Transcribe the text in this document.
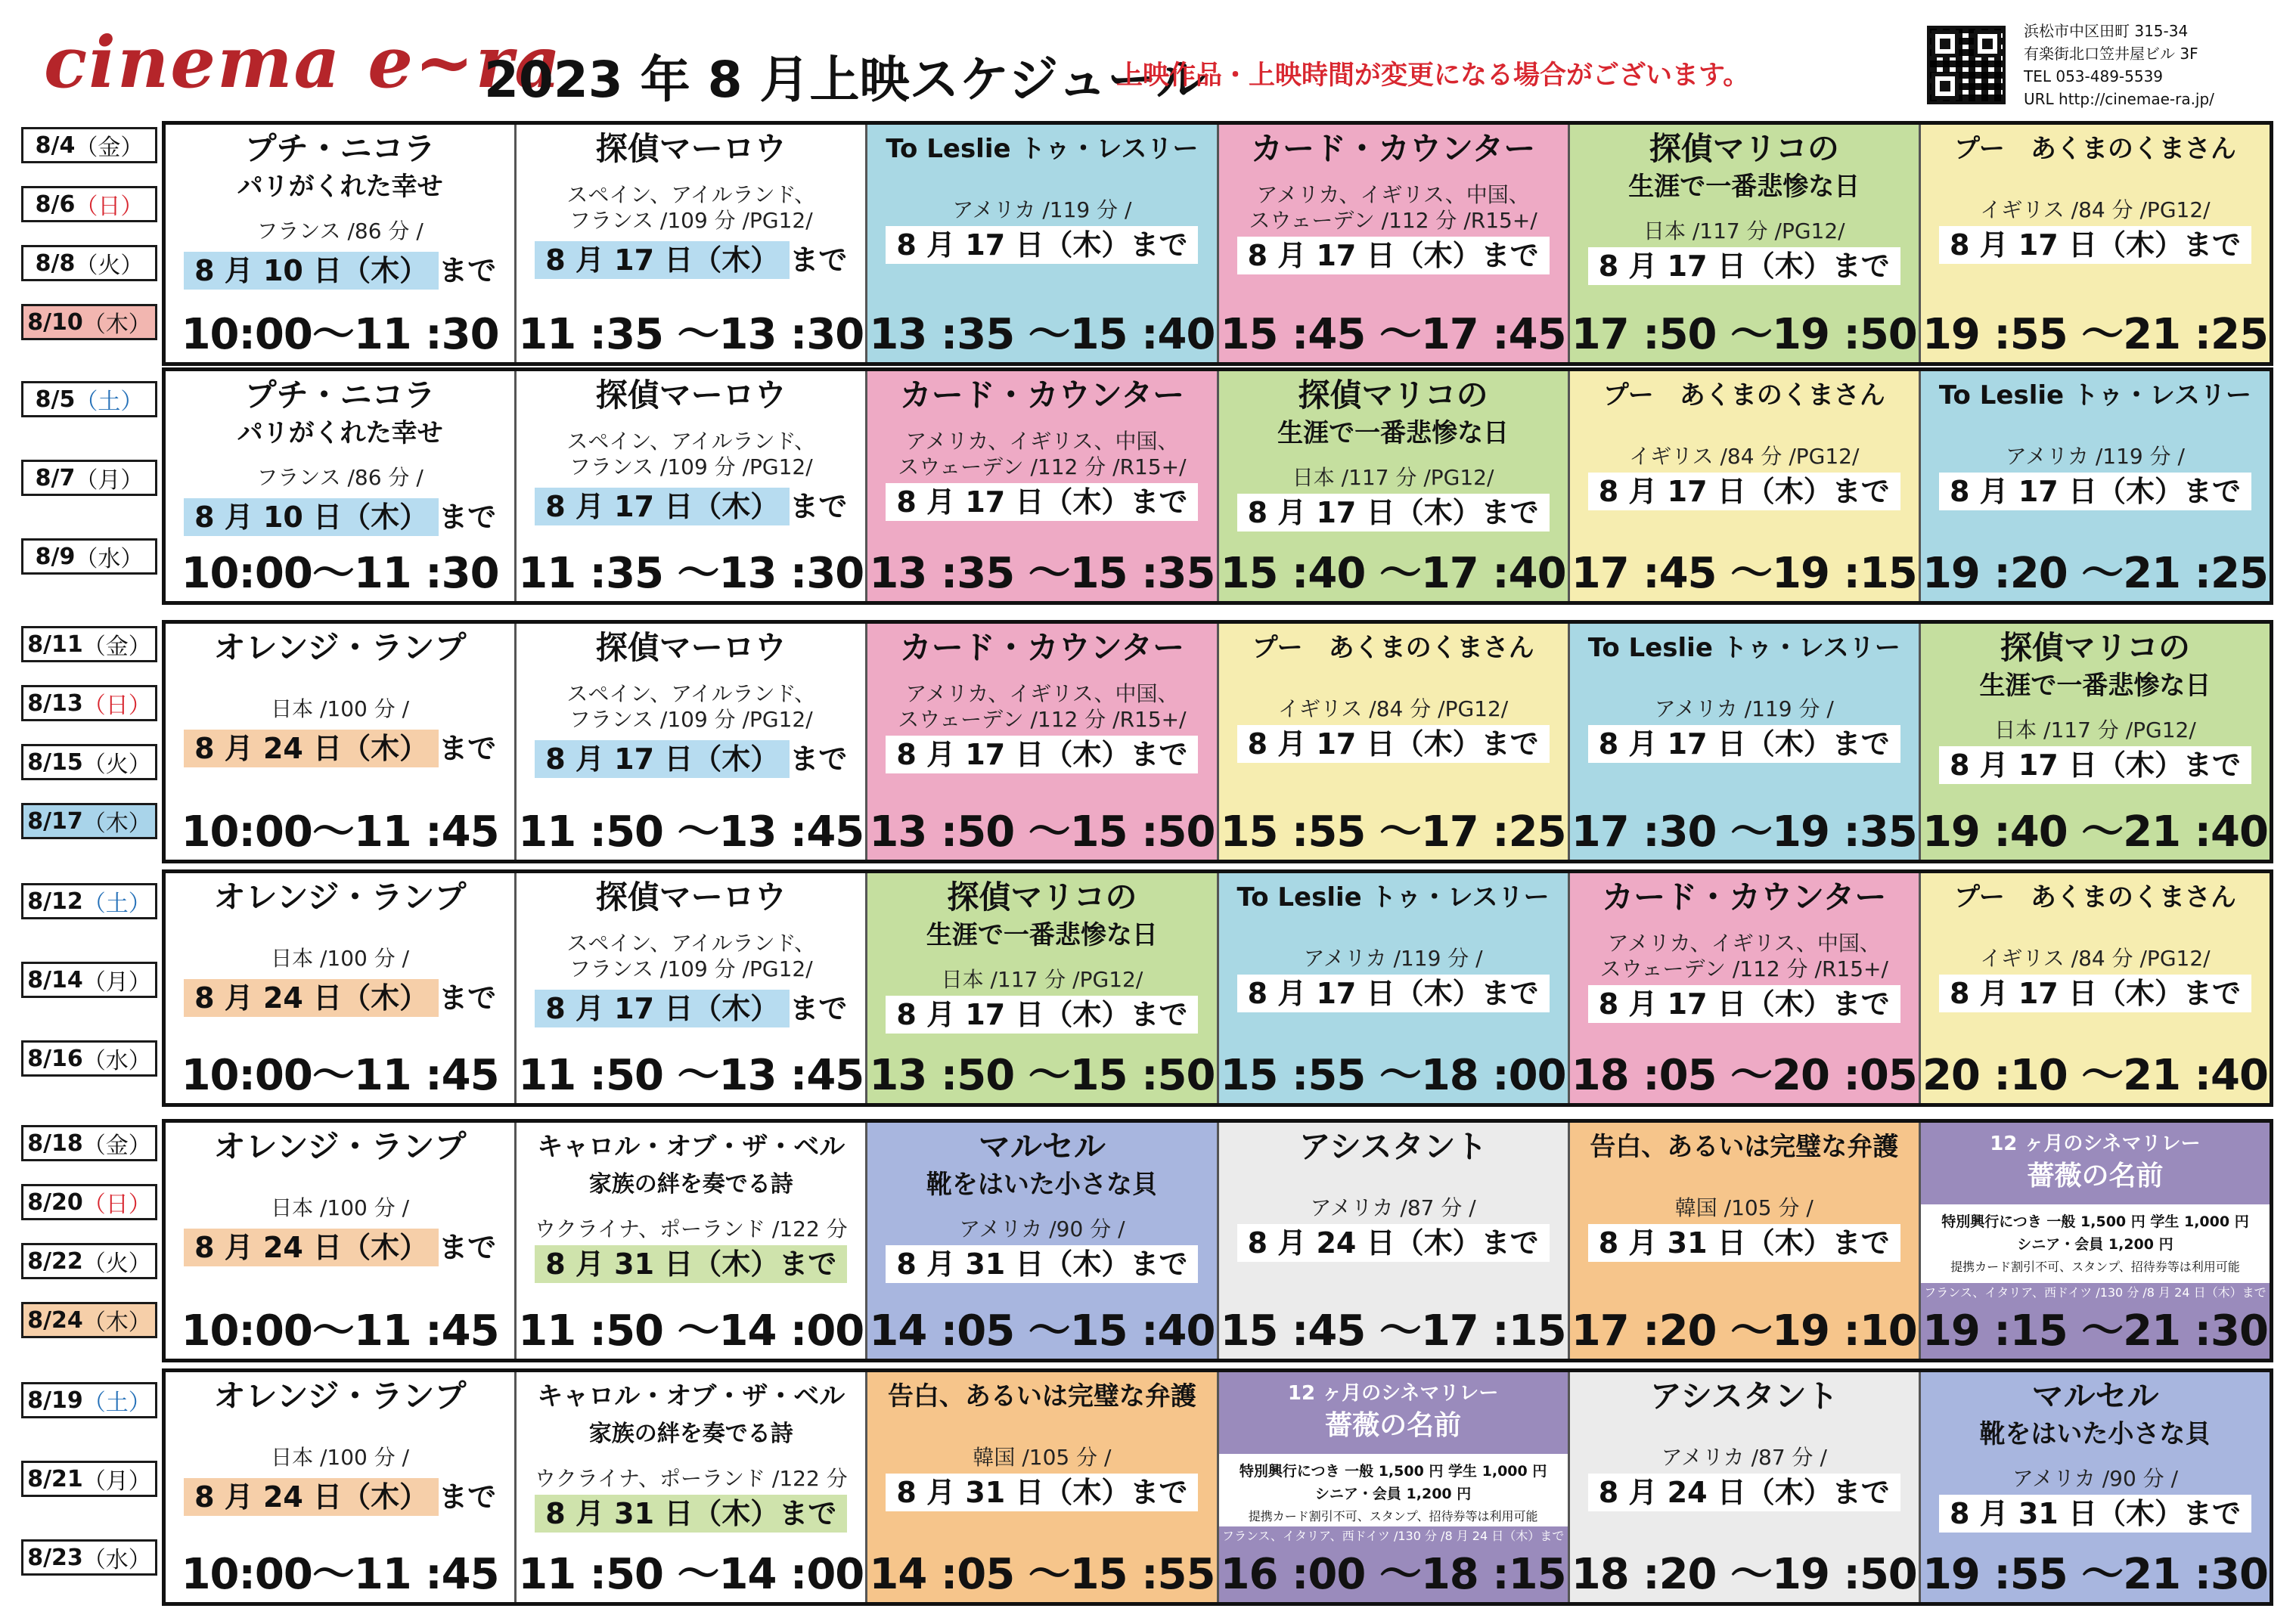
cinema e~ra
2023 年 8 月上映スケジュール
上映作品・上映時間が変更になる場合がございます。
浜松市中区田町 315-34
有楽街北口笠井屋ビル 3F
TEL 053-489-5539
URL http://cinemae-ra.jp/
8/4 （金）
8/6 （日）
8/8 （火）
8/10 （木）
プチ・ニコラ
パリがくれた幸せ
フランス /86 分 /
8 月 10 日（木） まで
10:00〜11 :30
探偵マーロウ
スペイン、アイルランド、
フランス /109 分 /PG12/
8 月 17 日（木） まで
11 :35 〜13 :30
To Leslie トゥ・レスリー
アメリカ /119 分 /
8 月 17 日（木）まで
13 :35 〜15 :40
カード・カウンター
アメリカ、イギリス、中国、
スウェーデン /112 分 /R15+/
8 月 17 日（木）まで
15 :45 〜17 :45
探偵マリコの
生涯で一番悲惨な日
日本 /117 分 /PG12/
8 月 17 日（木）まで
17 :50 〜19 :50
プー　あくまのくまさん
イギリス /84 分 /PG12/
8 月 17 日（木）まで
19 :55 〜21 :25
8/5 （土）
8/7 （月）
8/9 （水）
プチ・ニコラ
パリがくれた幸せ
フランス /86 分 /
8 月 10 日（木） まで
10:00〜11 :30
探偵マーロウ
スペイン、アイルランド、
フランス /109 分 /PG12/
8 月 17 日（木） まで
11 :35 〜13 :30
カード・カウンター
アメリカ、イギリス、中国、
スウェーデン /112 分 /R15+/
8 月 17 日（木）まで
13 :35 〜15 :35
探偵マリコの
生涯で一番悲惨な日
日本 /117 分 /PG12/
8 月 17 日（木）まで
15 :40 〜17 :40
プー　あくまのくまさん
イギリス /84 分 /PG12/
8 月 17 日（木）まで
17 :45 〜19 :15
To Leslie トゥ・レスリー
アメリカ /119 分 /
8 月 17 日（木）まで
19 :20 〜21 :25
8/11 （金）
8/13 （日）
8/15 （火）
8/17 （木）
オレンジ・ランプ
日本 /100 分 /
8 月 24 日（木） まで
10:00〜11 :45
探偵マーロウ
スペイン、アイルランド、
フランス /109 分 /PG12/
8 月 17 日（木） まで
11 :50 〜13 :45
カード・カウンター
アメリカ、イギリス、中国、
スウェーデン /112 分 /R15+/
8 月 17 日（木）まで
13 :50 〜15 :50
プー　あくまのくまさん
イギリス /84 分 /PG12/
8 月 17 日（木）まで
15 :55 〜17 :25
To Leslie トゥ・レスリー
アメリカ /119 分 /
8 月 17 日（木）まで
17 :30 〜19 :35
探偵マリコの
生涯で一番悲惨な日
日本 /117 分 /PG12/
8 月 17 日（木）まで
19 :40 〜21 :40
8/12 （土）
8/14 （月）
8/16 （水）
オレンジ・ランプ
日本 /100 分 /
8 月 24 日（木） まで
10:00〜11 :45
探偵マーロウ
スペイン、アイルランド、
フランス /109 分 /PG12/
8 月 17 日（木） まで
11 :50 〜13 :45
探偵マリコの
生涯で一番悲惨な日
日本 /117 分 /PG12/
8 月 17 日（木）まで
13 :50 〜15 :50
To Leslie トゥ・レスリー
アメリカ /119 分 /
8 月 17 日（木）まで
15 :55 〜18 :00
カード・カウンター
アメリカ、イギリス、中国、
スウェーデン /112 分 /R15+/
8 月 17 日（木）まで
18 :05 〜20 :05
プー　あくまのくまさん
イギリス /84 分 /PG12/
8 月 17 日（木）まで
20 :10 〜21 :40
8/18 （金）
8/20 （日）
8/22 （火）
8/24 （木）
オレンジ・ランプ
日本 /100 分 /
8 月 24 日（木） まで
10:00〜11 :45
キャロル・オブ・ザ・ベル
家族の絆を奏でる詩
ウクライナ、ポーランド /122 分
8 月 31 日（木）まで
11 :50 〜14 :00
マルセル
靴をはいた小さな貝
アメリカ /90 分 /
8 月 31 日（木）まで
14 :05 〜15 :40
アシスタント
アメリカ /87 分 /
8 月 24 日（木）まで
15 :45 〜17 :15
告白、あるいは完璧な弁護
韓国 /105 分 /
8 月 31 日（木）まで
17 :20 〜19 :10
12 ヶ月のシネマリレー
薔薇の名前
特別興行につき 一般 1,500 円 学生 1,000 円
シニア・会員 1,200 円
提携カード割引不可、スタンプ、招待券等は利用可能
フランス、イタリア、西ドイツ /130 分 /8 月 24 日（木）まで
19 :15 〜21 :30
8/19 （土）
8/21 （月）
8/23 （水）
オレンジ・ランプ
日本 /100 分 /
8 月 24 日（木） まで
10:00〜11 :45
キャロル・オブ・ザ・ベル
家族の絆を奏でる詩
ウクライナ、ポーランド /122 分
8 月 31 日（木）まで
11 :50 〜14 :00
告白、あるいは完璧な弁護
韓国 /105 分 /
8 月 31 日（木）まで
14 :05 〜15 :55
12 ヶ月のシネマリレー
薔薇の名前
特別興行につき 一般 1,500 円 学生 1,000 円
シニア・会員 1,200 円
提携カード割引不可、スタンプ、招待券等は利用可能
フランス、イタリア、西ドイツ /130 分 /8 月 24 日（木）まで
16 :00 〜18 :15
アシスタント
アメリカ /87 分 /
8 月 24 日（木）まで
18 :20 〜19 :50
マルセル
靴をはいた小さな貝
アメリカ /90 分 /
8 月 31 日（木）まで
19 :55 〜21 :30
